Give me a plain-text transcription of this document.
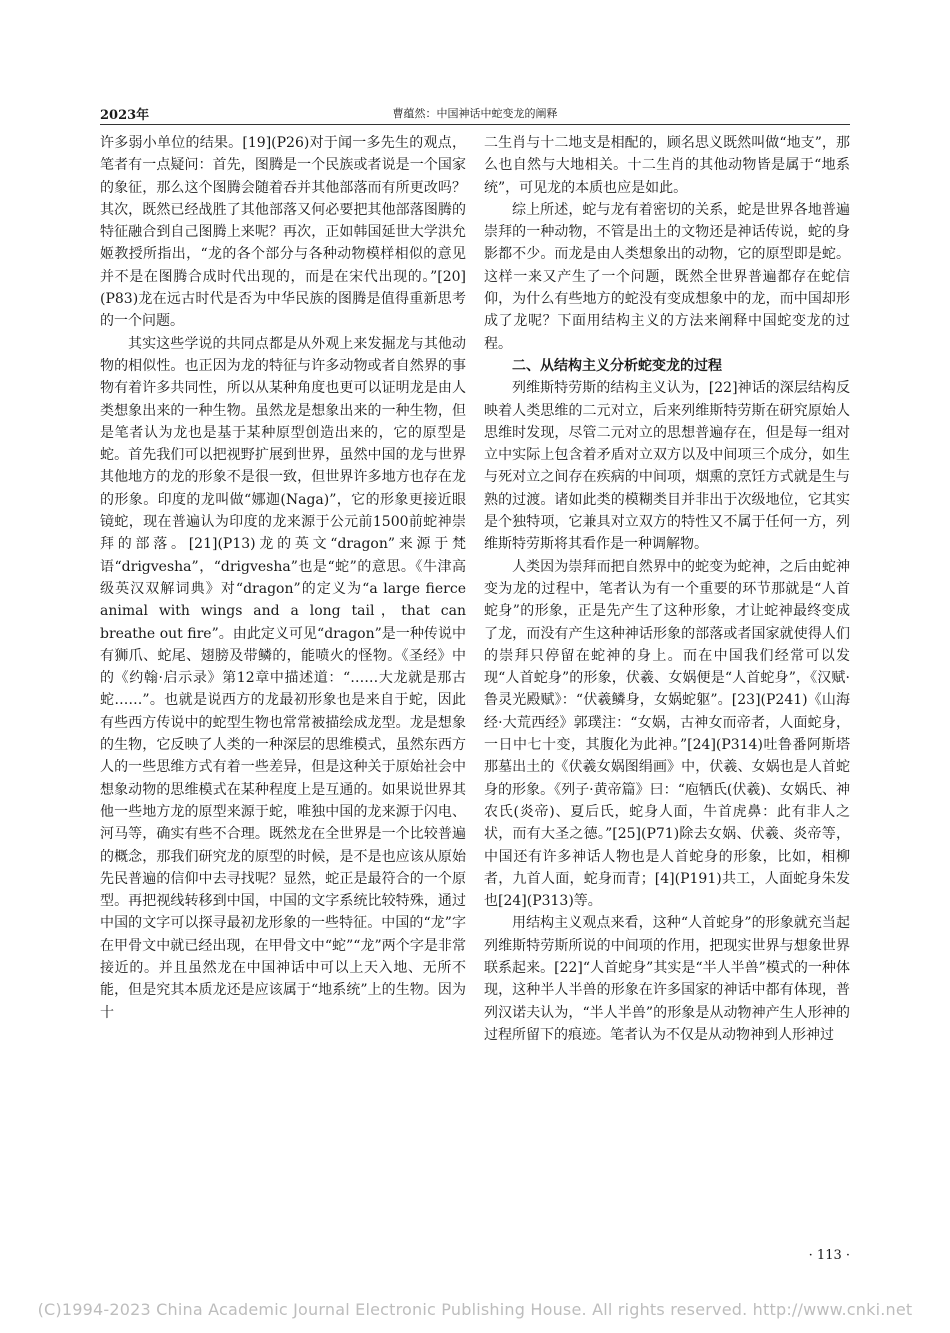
2023年	曹蕴然：中国神话中蛇变龙的阐释

许多弱小单位的结果。[19](P26)对于闻一多先生的观点，笔者有一点疑问：首先，图腾是一个民族或者说是一个国家的象征，那么这个图腾会随着吞并其他部落而有所更改吗？其次，既然已经战胜了其他部落又何必要把其他部落图腾的特征融合到自己图腾上来呢？再次，正如韩国延世大学洪允姬教授所指出，“龙的各个部分与各种动物模样相似的意见并不是在图腾合成时代出现的，而是在宋代出现的。”[20](P83)龙在远古时代是否为中华民族的图腾是值得重新思考的一个问题。

其实这些学说的共同点都是从外观上来发掘龙与其他动物的相似性。也正因为龙的特征与许多动物或者自然界的事物有着许多共同性，所以从某种角度也更可以证明龙是由人类想象出来的一种生物。虽然龙是想象出来的一种生物，但是笔者认为龙也是基于某种原型创造出来的，它的原型是蛇。首先我们可以把视野扩展到世界，虽然中国的龙与世界其他地方的龙的形象不是很一致，但世界许多地方也存在龙的形象。印度的龙叫做“娜迦(Naga)”，它的形象更接近眼镜蛇，现在普遍认为印度的龙来源于公元前1500前蛇神崇拜的部落。[21](P13)龙的英文“dragon”来源于梵语“drigvesha”，“drigvesha”也是“蛇”的意思。《牛津高级英汉双解词典》对“dragon”的定义为“a large fierce animal with wings and a long tail，that can breathe out fire”。由此定义可见“dragon”是一种传说中有狮爪、蛇尾、翅膀及带鳞的，能喷火的怪物。《圣经》中的《约翰·启示录》第12章中描述道：“……大龙就是那古蛇……”。也就是说西方的龙最初形象也是来自于蛇，因此有些西方传说中的蛇型生物也常常被描绘成龙型。龙是想象的生物，它反映了人类的一种深层的思维模式，虽然东西方人的一些思维方式有着一些差异，但是这种关于原始社会中想象动物的思维模式在某种程度上是互通的。如果说世界其他一些地方龙的原型来源于蛇，唯独中国的龙来源于闪电、河马等，确实有些不合理。既然龙在全世界是一个比较普遍的概念，那我们研究龙的原型的时候，是不是也应该从原始先民普遍的信仰中去寻找呢？显然，蛇正是最符合的一个原型。再把视线转移到中国，中国的文字系统比较特殊，通过中国的文字可以探寻最初龙形象的一些特征。中国的“龙”字在甲骨文中就已经出现，在甲骨文中“蛇”“龙”两个字是非常接近的。并且虽然龙在中国神话中可以上天入地、无所不能，但是究其本质龙还是应该属于“地系统”上的生物。因为十

二生肖与十二地支是相配的，顾名思义既然叫做“地支”，那么也自然与大地相关。十二生肖的其他动物皆是属于“地系统”，可见龙的本质也应是如此。

综上所述，蛇与龙有着密切的关系，蛇是世界各地普遍崇拜的一种动物，不管是出土的文物还是神话传说，蛇的身影都不少。而龙是由人类想象出的动物，它的原型即是蛇。这样一来又产生了一个问题，既然全世界普遍都存在蛇信仰，为什么有些地方的蛇没有变成想象中的龙，而中国却形成了龙呢？下面用结构主义的方法来阐释中国蛇变龙的过程。

二、从结构主义分析蛇变龙的过程

列维斯特劳斯的结构主义认为，[22]神话的深层结构反映着人类思维的二元对立，后来列维斯特劳斯在研究原始人思维时发现，尽管二元对立的思想普遍存在，但是每一组对立中实际上包含着矛盾对立双方以及中间项三个成分，如生与死对立之间存在疾病的中间项，烟熏的烹饪方式就是生与熟的过渡。诸如此类的模糊类目并非出于次级地位，它其实是个独特项，它兼具对立双方的特性又不属于任何一方，列维斯特劳斯将其看作是一种调解物。

人类因为崇拜而把自然界中的蛇变为蛇神，之后由蛇神变为龙的过程中，笔者认为有一个重要的环节那就是“人首蛇身”的形象，正是先产生了这种形象，才让蛇神最终变成了龙，而没有产生这种神话形象的部落或者国家就使得人们的崇拜只停留在蛇神的身上。而在中国我们经常可以发现“人首蛇身”的形象，伏羲、女娲便是“人首蛇身”，《汉赋·鲁灵光殿赋》：“伏羲鳞身，女娲蛇躯”。[23](P241)《山海经·大荒西经》郭璞注：“女娲，古神女而帝者，人面蛇身，一日中七十变，其腹化为此神。”[24](P314)吐鲁番阿斯塔那墓出土的《伏羲女娲图绢画》中，伏羲、女娲也是人首蛇身的形象。《列子·黄帝篇》曰：“庖牺氏(伏羲)、女娲氏、神农氏(炎帝)、夏后氏，蛇身人面，牛首虎鼻：此有非人之状，而有大圣之德。”[25](P71)除去女娲、伏羲、炎帝等，中国还有许多神话人物也是人首蛇身的形象，比如，相柳者，九首人面，蛇身而青；[4](P191)共工，人面蛇身朱发也[24](P313)等。

用结构主义观点来看，这种“人首蛇身”的形象就充当起列维斯特劳斯所说的中间项的作用，把现实世界与想象世界联系起来。[22]“人首蛇身”其实是“半人半兽”模式的一种体现，这种半人半兽的形象在许多国家的神话中都有体现，普列汉诺夫认为，“半人半兽”的形象是从动物神产生人形神的过程所留下的痕迹。笔者认为不仅是从动物神到人形神过

· 113 ·
(C)1994-2023 China Academic Journal Electronic Publishing House. All rights reserved. http://www.cnki.net
